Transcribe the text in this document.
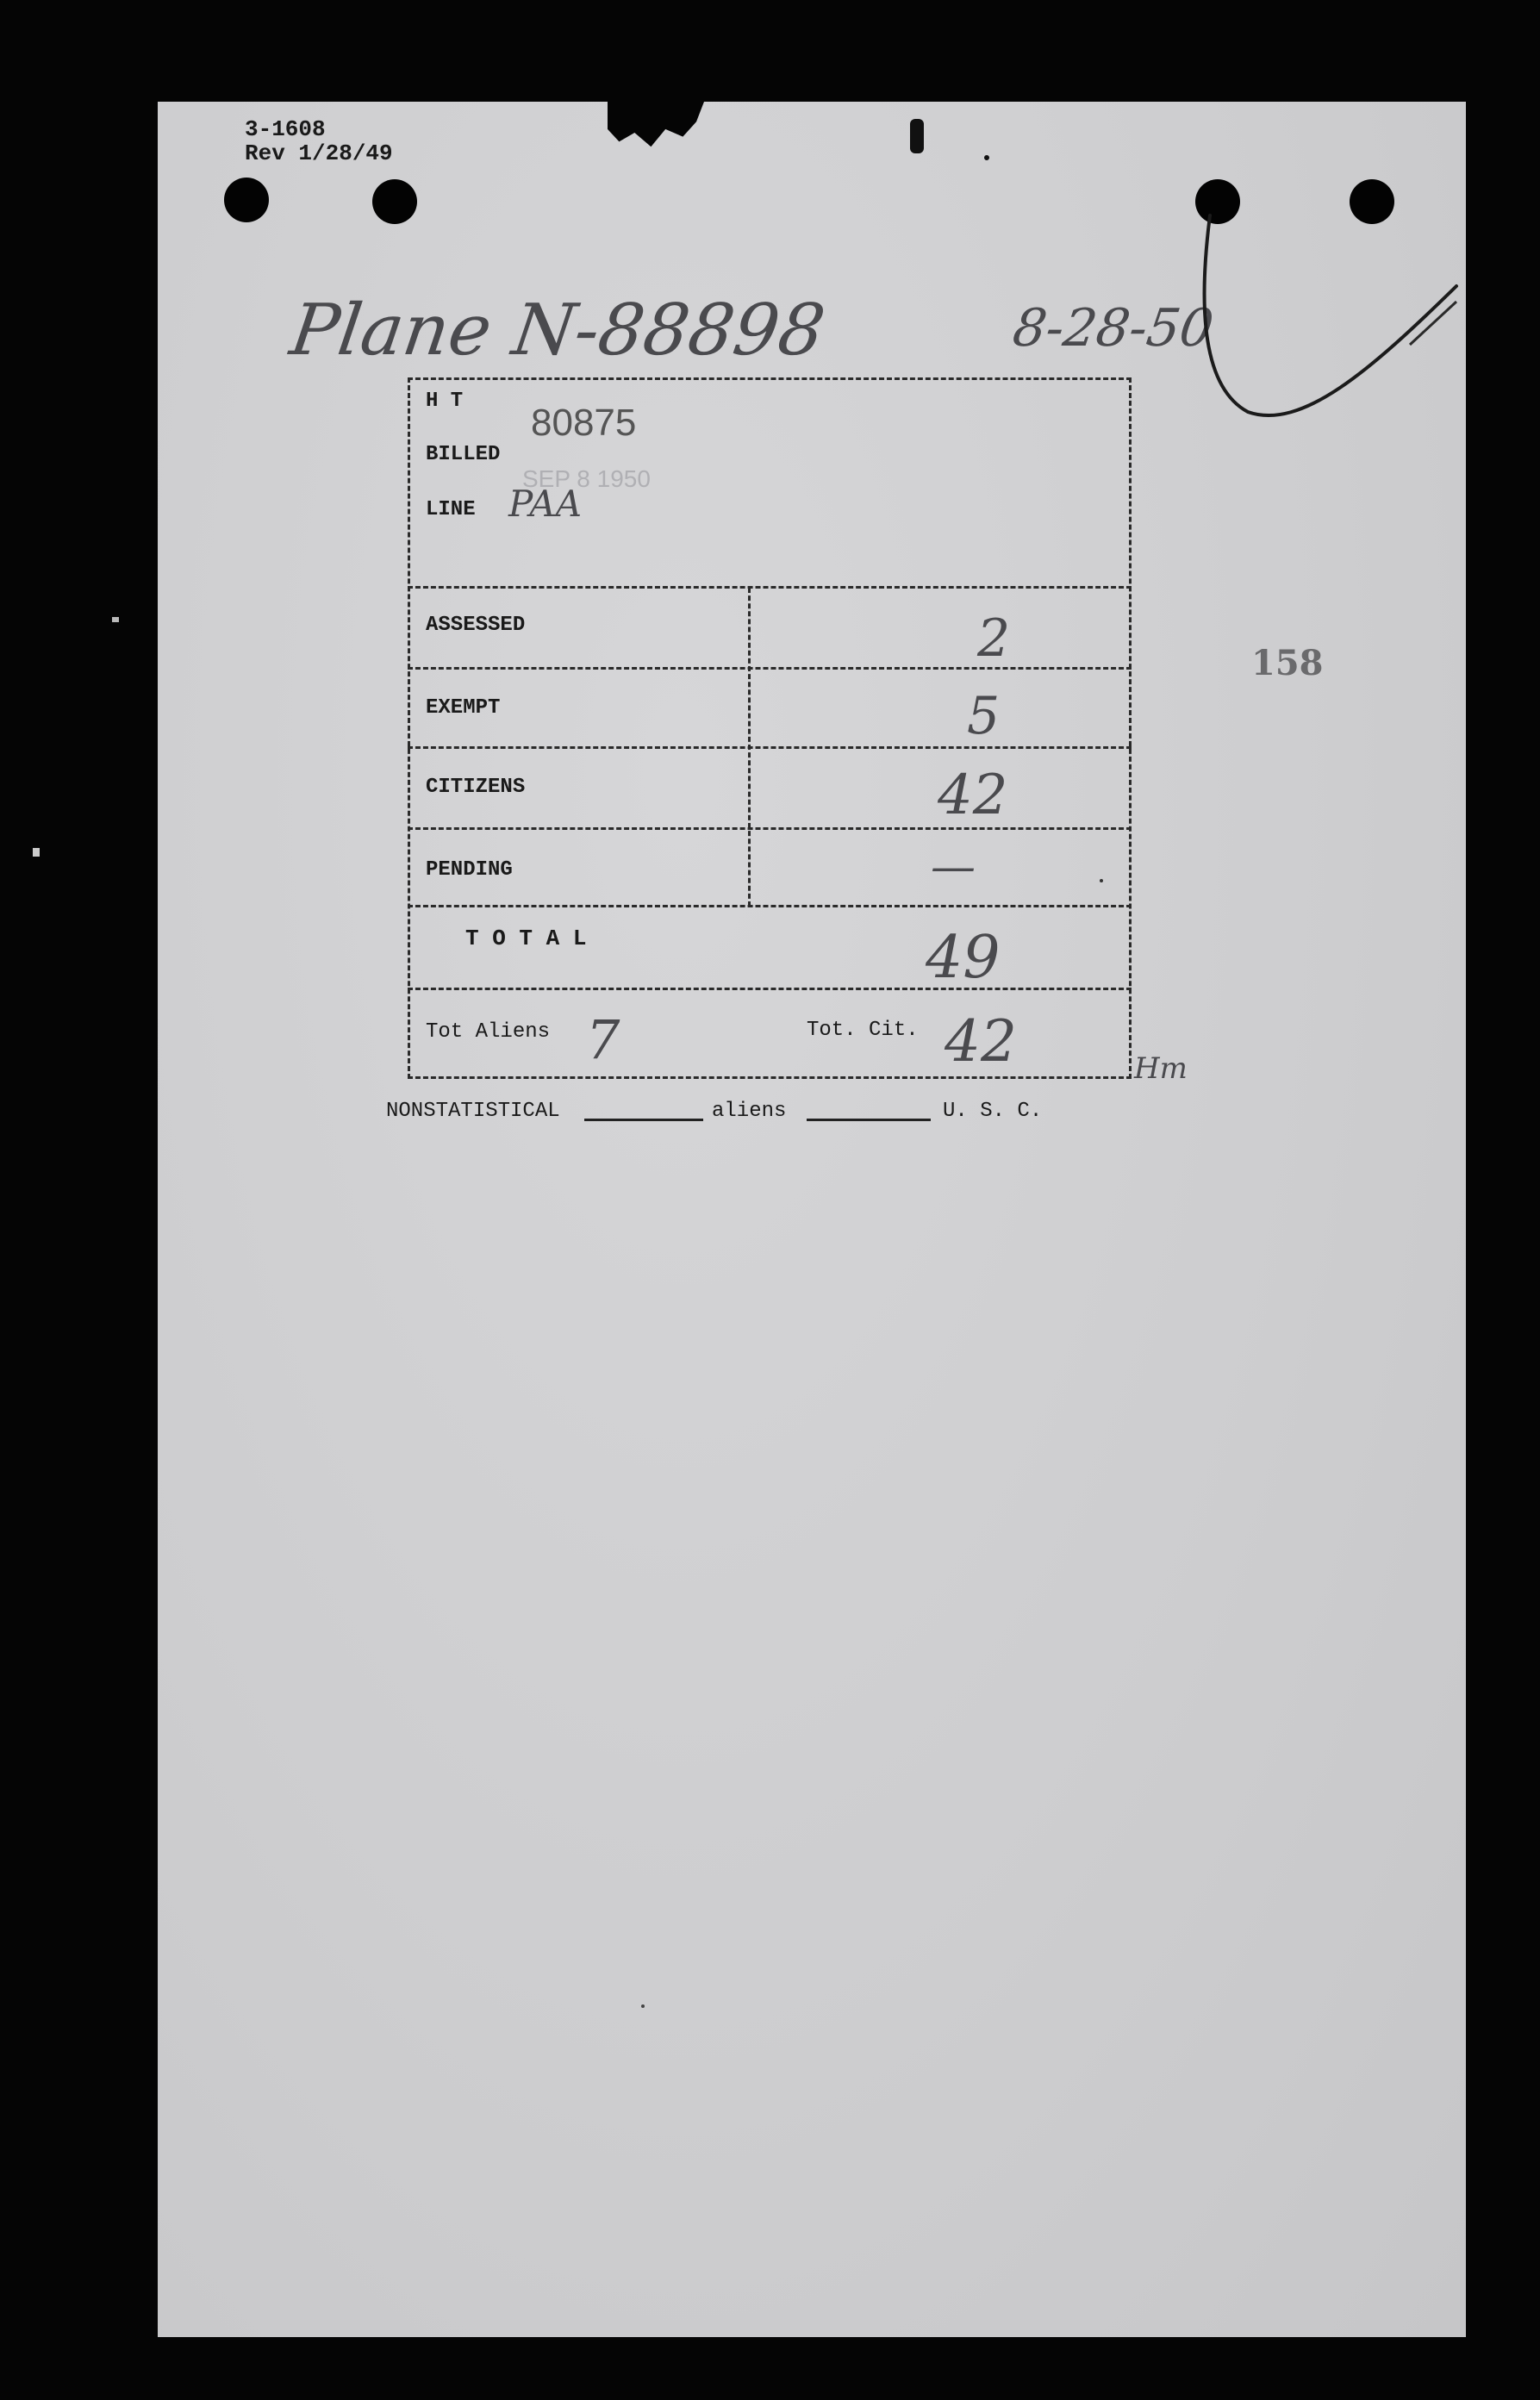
3-1608
Rev 1/28/49
Plane N-88898	8-28-50
158
H T
80875
BILLED
SEP 8 1950
LINE PAA
ASSESSED	2
EXEMPT	5
CITIZENS	42
PENDING	—
T O T A L	49
Tot Aliens 7	Tot. Cit. 42	Hm
NONSTATISTICAL	aliens	U. S. C.
